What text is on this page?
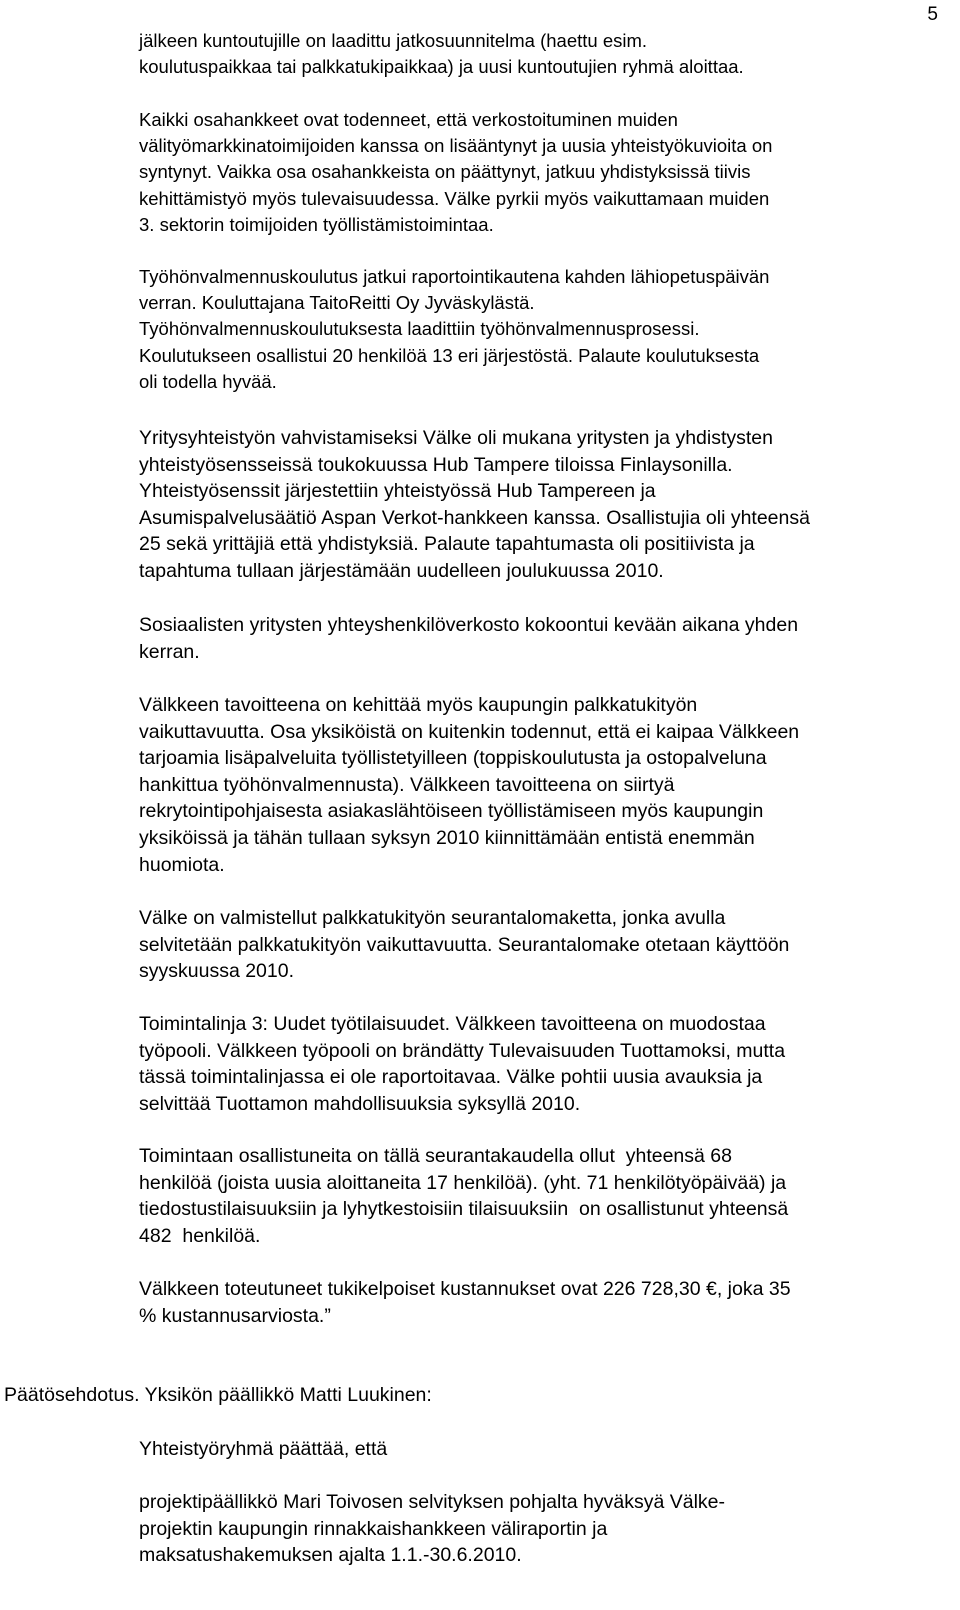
5

jälkeen kuntoutujille on laadittu jatkosuunnitelma (haettu esim.
koulutuspaikkaa tai palkkatukipaikkaa) ja uusi kuntoutujien ryhmä aloittaa.

Kaikki osahankkeet ovat todenneet, että verkostoituminen muiden
välityömarkkinatoimijoiden kanssa on lisääntynyt ja uusia yhteistyökuvioita on
syntynyt. Vaikka osa osahankkeista on päättynyt, jatkuu yhdistyksissä tiivis
kehittämistyö myös tulevaisuudessa. Välke pyrkii myös vaikuttamaan muiden
3. sektorin toimijoiden työllistämistoimintaa.

Työhönvalmennuskoulutus jatkui raportointikautena kahden lähiopetuspäivän
verran. Kouluttajana TaitoReitti Oy Jyväskylästä.
Työhönvalmennuskoulutuksesta laadittiin työhönvalmennusprosessi.
Koulutukseen osallistui 20 henkilöä 13 eri järjestöstä. Palaute koulutuksesta
oli todella hyvää.

Yritysyhteistyön vahvistamiseksi Välke oli mukana yritysten ja yhdistysten
yhteistyösensseissä toukokuussa Hub Tampere tiloissa Finlaysonilla.
Yhteistyösenssit järjestettiin yhteistyössä Hub Tampereen ja
Asumispalvelusäätiö Aspan Verkot-hankkeen kanssa. Osallistujia oli yhteensä
25 sekä yrittäjiä että yhdistyksiä. Palaute tapahtumasta oli positiivista ja
tapahtuma tullaan järjestämään uudelleen joulukuussa 2010.

Sosiaalisten yritysten yhteyshenkilöverkosto kokoontui kevään aikana yhden
kerran.

Välkkeen tavoitteena on kehittää myös kaupungin palkkatukityön
vaikuttavuutta. Osa yksiköistä on kuitenkin todennut, että ei kaipaa Välkkeen
tarjoamia lisäpalveluita työllistetyilleen (toppiskoulutusta ja ostopalveluna
hankittua työhönvalmennusta). Välkkeen tavoitteena on siirtyä
rekrytointipohjaisesta asiakaslähtöiseen työllistämiseen myös kaupungin
yksiköissä ja tähän tullaan syksyn 2010 kiinnittämään entistä enemmän
huomiota.

Välke on valmistellut palkkatukityön seurantalomaketta, jonka avulla
selvitetään palkkatukityön vaikuttavuutta. Seurantalomake otetaan käyttöön
syyskuussa 2010.

Toimintalinja 3: Uudet työtilaisuudet. Välkkeen tavoitteena on muodostaa
työpooli. Välkkeen työpooli on brändätty Tulevaisuuden Tuottamoksi, mutta
tässä toimintalinjassa ei ole raportoitavaa. Välke pohtii uusia avauksia ja
selvittää Tuottamon mahdollisuuksia syksyllä 2010.

Toimintaan osallistuneita on tällä seurantakaudella ollut  yhteensä 68
henkilöä (joista uusia aloittaneita 17 henkilöä). (yht. 71 henkilötyöpäivää) ja
tiedostustilaisuuksiin ja lyhytkestoisiin tilaisuuksiin  on osallistunut yhteensä
482  henkilöä.

Välkkeen toteutuneet tukikelpoiset kustannukset ovat 226 728,30 €, joka 35
% kustannusarviosta.”

Päätösehdotus. Yksikön päällikkö Matti Luukinen:

Yhteistyöryhmä päättää, että

projektipäällikkö Mari Toivosen selvityksen pohjalta hyväksyä Välke-
projektin kaupungin rinnakkaishankkeen väliraportin ja
maksatushakemuksen ajalta 1.1.-30.6.2010.
